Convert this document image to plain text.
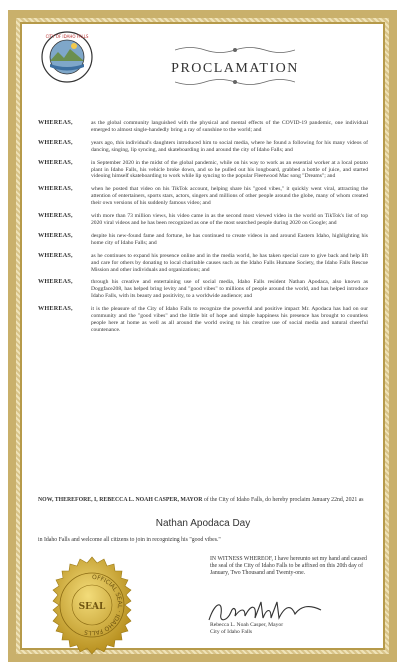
CITY OF IDAHO FALLS
PROCLAMATION
WHEREAS,	as the global community languished with the physical and mental effects of the COVID-19 pandemic, one individual emerged to almost single-handedly bring a ray of sunshine to the world; and
WHEREAS,	years ago, this individual's daughters introduced him to social media, where he found a following for his many videos of dancing, singing, lip syncing, and skateboarding in and around the city of Idaho Falls; and
WHEREAS,	in September 2020 in the midst of the global pandemic, while on his way to work as an essential worker at a local potato plant in Idaho Falls, his vehicle broke down, and so he pulled out his longboard, grabbed a bottle of juice, and started videoing himself skateboarding to work while lip syncing to the popular Fleetwood Mac song "Dreams"; and
WHEREAS,	when he posted that video on his TikTok account, helping share his "good vibes," it quickly went viral, attracting the attention of entertainers, sports stars, actors, singers and millions of other people around the globe, many of whom created their own versions of his suddenly famous video; and
WHEREAS,	with more than 73 million views, his video came in as the second most viewed video in the world on TikTok's list of top 2020 viral videos and he has been recognized as one of the most searched people during 2020 on Google; and
WHEREAS,	despite his new-found fame and fortune, he has continued to create videos in and around Eastern Idaho, highlighting his home city of Idaho Falls; and
WHEREAS,	as he continues to expand his presence online and in the media world, he has taken special care to give back and help lift and care for others by donating to local charitable causes such as the Idaho Falls Humane Society, the Idaho Falls Rescue Mission and other individuals and organizations; and
WHEREAS,	through his creative and entertaining use of social media, Idaho Falls resident Nathan Apodaca, also known as Doggface208, has helped bring levity and "good vibes" to millions of people around the world, and has helped introduce Idaho Falls, with its beauty and positivity, to a worldwide audience; and
WHEREAS,	it is the pleasure of the City of Idaho Falls to recognize the powerful and positive impact Mr. Apodaca has had on our community and the "good vibes" and the little bit of hope and simple happiness his presence has brought to countless people here at home as well as all around the world owing to his creative use of social media and natural cheerful countenance.
NOW, THEREFORE, I, REBECCA L. NOAH CASPER, MAYOR of the City of Idaho Falls, do hereby proclaim January 22nd, 2021 as
Nathan Apodaca Day
in Idaho Falls and welcome all citizens to join in recognizing his "good vibes."
OFFICIAL SEAL · IDAHO FALLS
SEAL
IN WITNESS WHEREOF, I have hereunto set my hand and caused the seal of the City of Idaho Falls to be affixed on this 20th day of January, Two Thousand and Twenty-one.
Rebecca L. Noah Casper, Mayor
City of Idaho Falls
